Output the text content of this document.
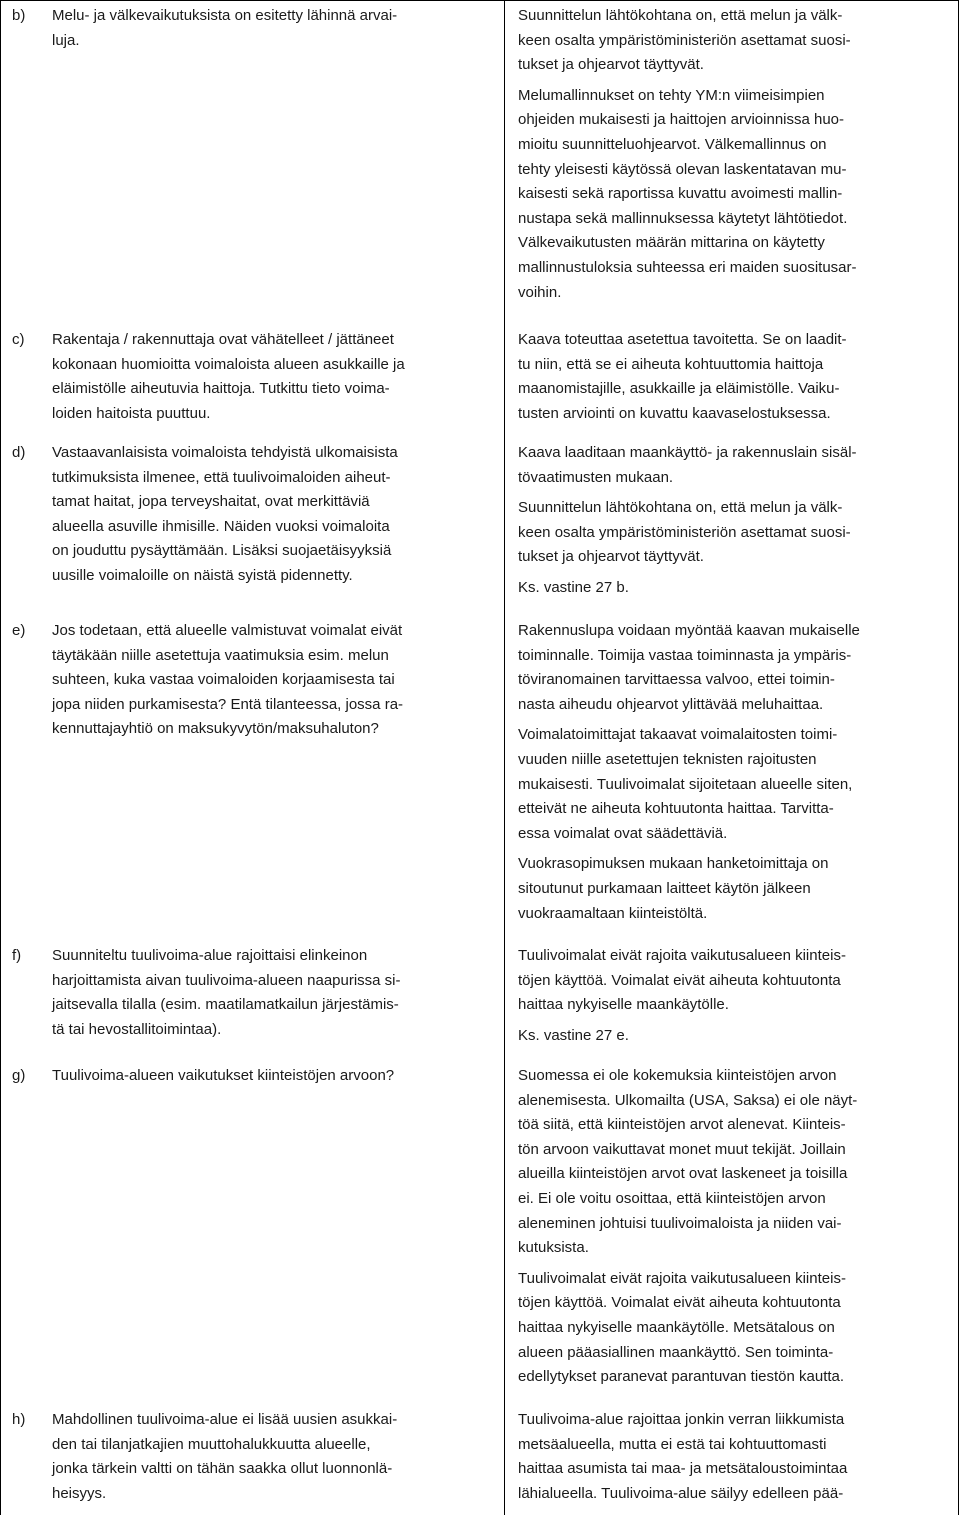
b) Melu- ja välkevaikutuksista on esitetty lähinnä arvai-
luja.
Suunnittelun lähtökohtana on, että melun ja välk-
keen osalta ympäristöministeriön asettamat suosi-
tukset ja ohjearvot täyttyvät.
Melumallinnukset on tehty YM:n viimeisimpien
ohjeiden mukaisesti ja haittojen arvioinnissa huo-
mioitu suunnitteluohjearvot. Välkemallinnus on
tehty yleisesti käytössä olevan laskentatavan mu-
kaisesti sekä raportissa kuvattu avoimesti mallin-
nustapa sekä mallinnuksessa käytetyt lähtötiedot.
Välkevaikutusten määrän mittarina on käytetty
mallinnustuloksia suhteessa eri maiden suositusar-
voihin.
c) Rakentaja / rakennuttaja ovat vähätelleet / jättäneet
kokonaan huomioitta voimaloista alueen asukkaille ja
eläimistölle aiheutuvia haittoja. Tutkittu tieto voima-
loiden haitoista puuttuu.
Kaava toteuttaa asetettua tavoitetta. Se on laadit-
tu niin, että se ei aiheuta kohtuuttomia haittoja
maanomistajille, asukkaille ja eläimistölle. Vaiku-
tusten arviointi on kuvattu kaavaselostuksessa.
d) Vastaavanlaisista voimaloista tehdyistä ulkomaisista
tutkimuksista ilmenee, että tuulivoimaloiden aiheut-
tamat haitat, jopa terveyshaitat, ovat merkittäviä
alueella asuville ihmisille. Näiden vuoksi voimaloita
on jouduttu pysäyttämään. Lisäksi suojaetäisyyksiä
uusille voimaloille on näistä syistä pidennetty.
Kaava laaditaan maankäyttö- ja rakennuslain sisäl-
tövaatimusten mukaan.
Suunnittelun lähtökohtana on, että melun ja välk-
keen osalta ympäristöministeriön asettamat suosi-
tukset ja ohjearvot täyttyvät.
Ks. vastine 27 b.
e) Jos todetaan, että alueelle valmistuvat voimalat eivät
täytäkään niille asetettuja vaatimuksia esim. melun
suhteen, kuka vastaa voimaloiden korjaamisesta tai
jopa niiden purkamisesta? Entä tilanteessa, jossa ra-
kennuttajayhtiö on maksukyvytön/maksuhaluton?
Rakennuslupa voidaan myöntää kaavan mukaiselle
toiminnalle. Toimija vastaa toiminnasta ja ympäris-
töviranomainen tarvittaessa valvoo, ettei toimin-
nasta aiheudu ohjearvot ylittävää meluhaittaa.
Voimalatoimittajat takaavat voimalaitosten toimi-
vuuden niille asetettujen teknisten rajoitusten
mukaisesti. Tuulivoimalat sijoitetaan alueelle siten,
etteivät ne aiheuta kohtuutonta haittaa. Tarvitta-
essa voimalat ovat säädettäviä.
Vuokrasopimuksen mukaan hanketoimittaja on
sitoutunut purkamaan laitteet käytön jälkeen
vuokraamaltaan kiinteistöltä.
f) Suunniteltu tuulivoima-alue rajoittaisi elinkeinon
harjoittamista aivan tuulivoima-alueen naapurissa si-
jaitsevalla tilalla (esim. maatilamatkailun järjestämis-
tä tai hevostallitoimintaa).
Tuulivoimalat eivät rajoita vaikutusalueen kiinteis-
töjen käyttöä. Voimalat eivät aiheuta kohtuutonta
haittaa nykyiselle maankäytölle.
Ks. vastine 27 e.
g) Tuulivoima-alueen vaikutukset kiinteistöjen arvoon?	Suomessa ei ole kokemuksia kiinteistöjen arvon
alenemisesta. Ulkomailta (USA, Saksa) ei ole näyt-
töä siitä, että kiinteistöjen arvot alenevat. Kiinteis-
tön arvoon vaikuttavat monet muut tekijät. Joillain
alueilla kiinteistöjen arvot ovat laskeneet ja toisilla
ei. Ei ole voitu osoittaa, että kiinteistöjen arvon
aleneminen johtuisi tuulivoimaloista ja niiden vai-
kutuksista.
Tuulivoimalat eivät rajoita vaikutusalueen kiinteis-
töjen käyttöä. Voimalat eivät aiheuta kohtuutonta
haittaa nykyiselle maankäytölle. Metsätalous on
alueen pääasiallinen maankäyttö. Sen toiminta-
edellytykset paranevat parantuvan tiestön kautta.
h) Mahdollinen tuulivoima-alue ei lisää uusien asukkai-
den tai tilanjatkajien muuttohalukkuutta alueelle,
jonka tärkein valtti on tähän saakka ollut luonnonlä-
heisyys.
Tuulivoima-alue rajoittaa jonkin verran liikkumista
metsäalueella, mutta ei estä tai kohtuuttomasti
haittaa asumista tai maa- ja metsätaloustoimintaa
lähialueella. Tuulivoima-alue säilyy edelleen pää-
